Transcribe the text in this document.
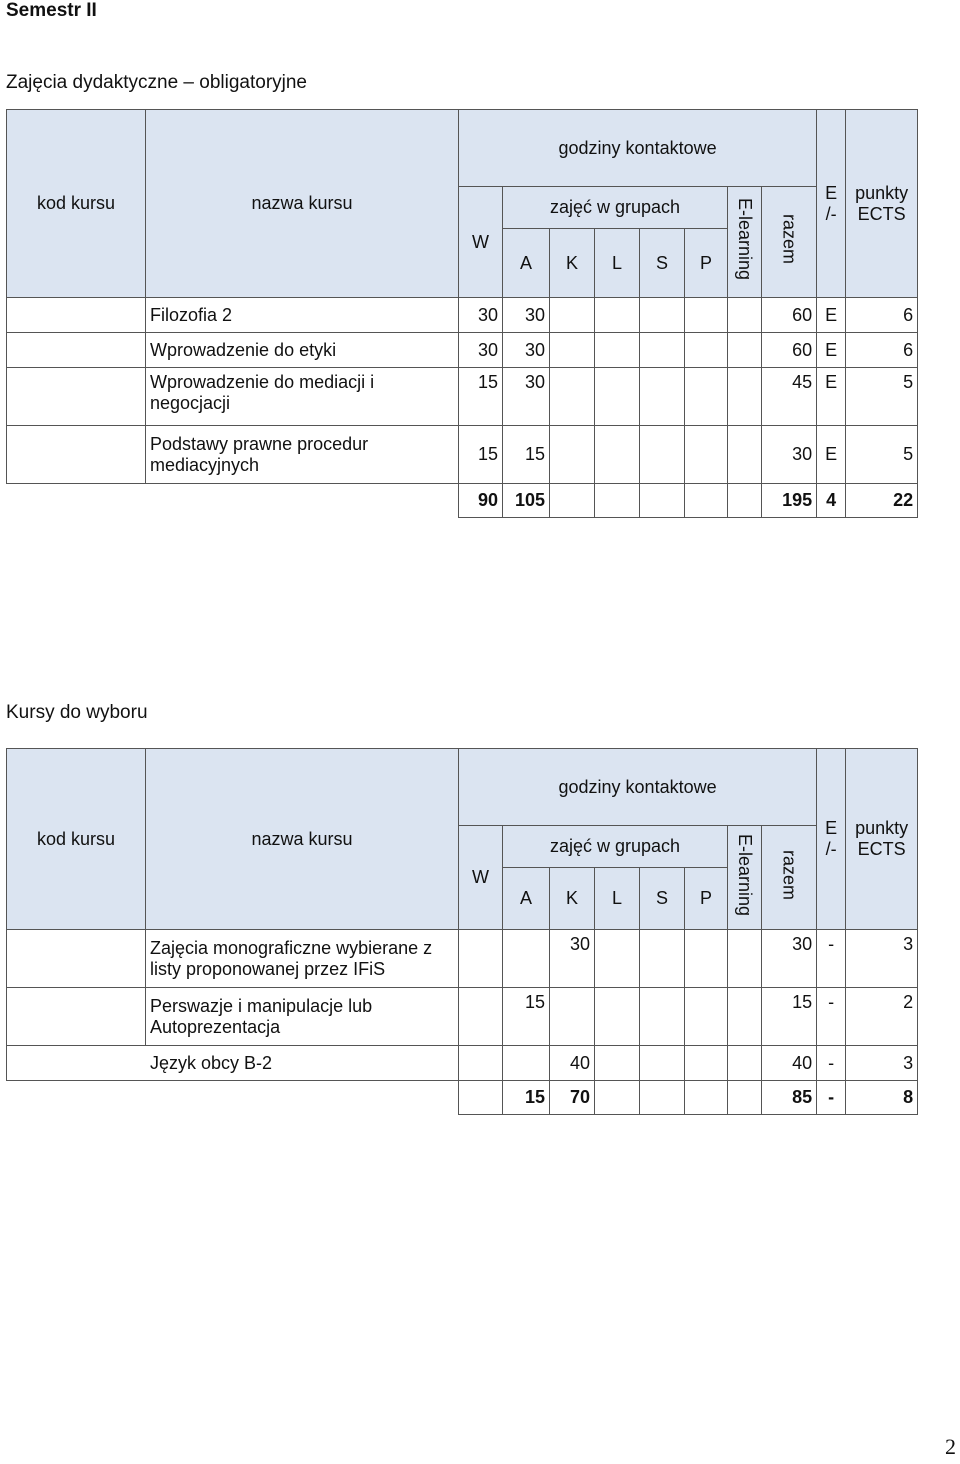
Semestr II
Zajęcia dydaktyczne – obligatoryjne
kod kursu	nazwa kursu	godziny kontaktowe								E
/-	punkty
ECTS
		W	zajęć w grupach					E-learning	razem		
			A	K	L	S	P				
	Filozofia 2	30	30						60	E	6
	Wprowadzenie do etyki	30	30						60	E	6
	Wprowadzenie do mediacji i negocjacji	15	30						45	E	5
	Podstawy prawne procedur mediacyjnych	15	15						30	E	5
		90	105						195	4	22
Kursy do wyboru
kod kursu	nazwa kursu	godziny kontaktowe								E
/-	punkty
ECTS
		W	zajęć w grupach					E-learning	razem		
			A	K	L	S	P				
	Zajęcia monograficzne wybierane z listy proponowanej przez IFiS			30					30	-	3
	Perswazje i manipulacje lub Autoprezentacja		15						15	-	2
Język obcy B-2				40					40	-	3
			15	70					85	-	8
2
